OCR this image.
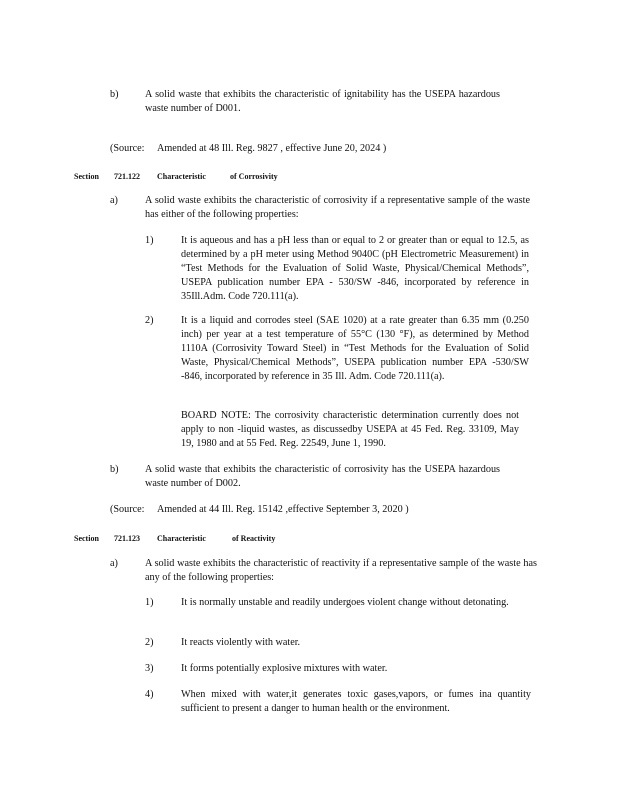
b)	A solid waste that exhibits the characteristic of ignitability has the USEPA hazardous waste number of D001.

(Source: Amended at 48 Ill. Reg. 9827 , effective June 20, 2024 )

Section 721.122 Characteristic	of Corrosivity
a)	A solid waste exhibits the characteristic of corrosivity if a representative sample of the waste has either of the following properties:

1)	It is aqueous and has a pH less than or equal to 2 or greater than or equal to 12.5, as determined by a pH meter using Method 9040C (pH Electrometric Measurement) in “Test Methods for the Evaluation of Solid Waste, Physical/Chemical Methods”, USEPA publication number EPA - 530/SW -846, incorporated by reference in 35Ill.Adm. Code 720.111(a).

2)	It is a liquid and corrodes steel (SAE 1020) at a rate greater than 6.35 mm (0.250 inch) per year at a test temperature of 55°C (130 °F), as determined by Method 1110A (Corrosivity Toward Steel) in “Test Methods for the Evaluation of Solid Waste, Physical/Chemical Methods”, USEPA publication number EPA -530/SW -846, incorporated by reference in 35 Ill. Adm. Code 720.111(a).

BOARD NOTE: The corrosivity characteristic determination currently does not apply to non -liquid wastes, as discussedby USEPA at 45 Fed. Reg. 33109, May 19, 1980 and at 55 Fed. Reg. 22549, June 1, 1990.

b)	A solid waste that exhibits the characteristic of corrosivity has the USEPA hazardous waste number of D002.

(Source: Amended at 44 Ill. Reg. 15142 ,effective September 3, 2020 )

Section 721.123 Characteristic	of Reactivity
a)	A solid waste exhibits the characteristic of reactivity if a representative sample of the waste has any of the following properties:

1)	It is normally unstable and readily undergoes violent change without detonating.

2)	It reacts violently with water.

3)	It forms potentially explosive mixtures with water.

4)	When mixed with water,it generates toxic gases,vapors, or fumes ina quantity sufficient to present a danger to human health or the environment.
